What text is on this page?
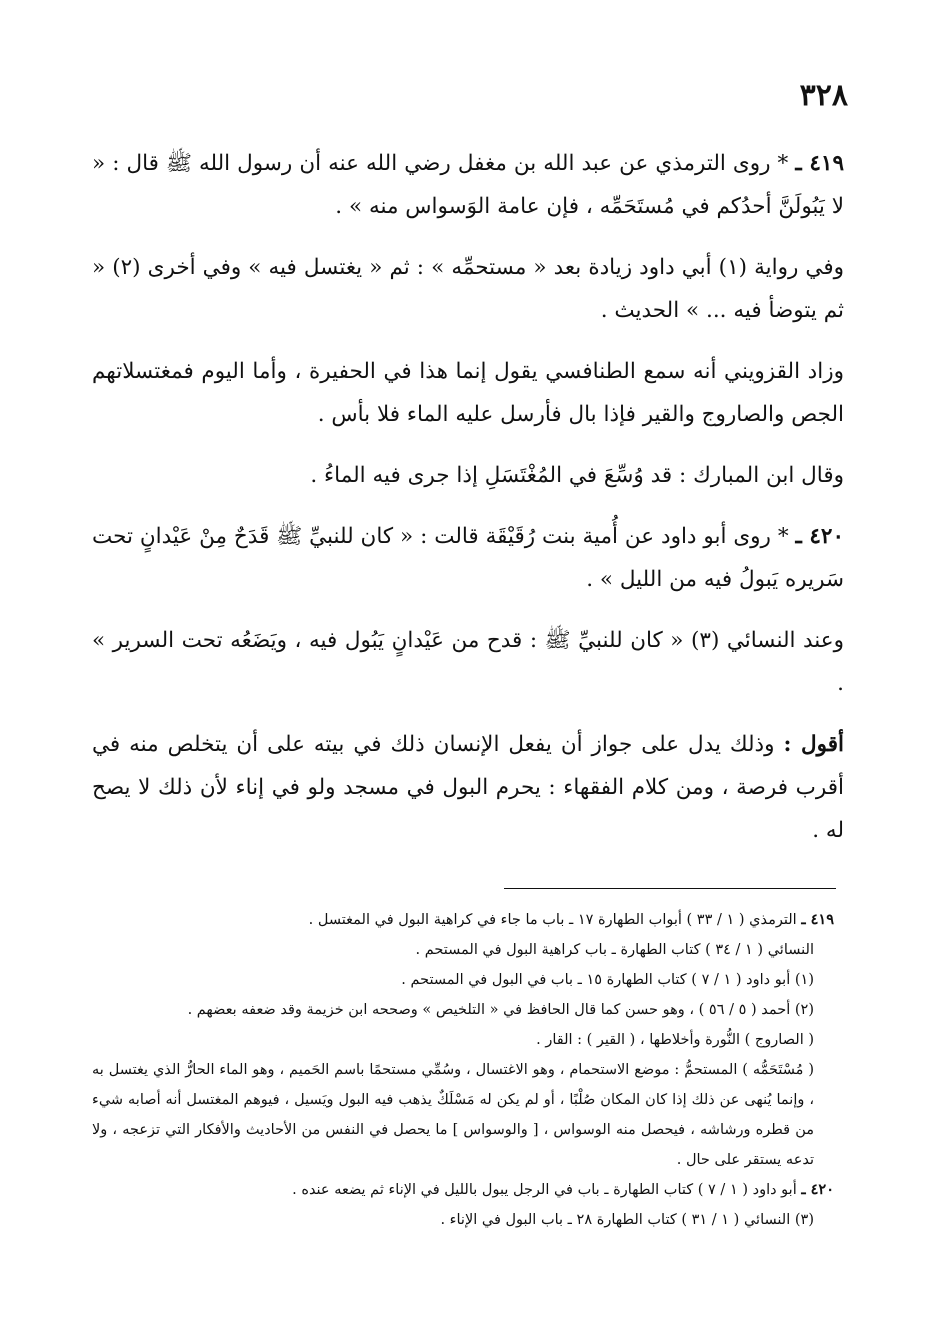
٣٢٨

٤١٩ ـ * روى الترمذي عن عبد الله بن مغفل رضي الله عنه أن رسول الله ﷺ قال : « لا يَبُولَنَّ أحدُكم في مُستَحَمِّه ، فإن عامة الوَسواس منه » .

وفي رواية (١) أبي داود زيادة بعد « مستحمِّه » : ثم « يغتسل فيه » وفي أخرى (٢) « ثم يتوضأ فيه ... » الحديث .

وزاد القزويني أنه سمع الطنافسي يقول إنما هذا في الحفيرة ، وأما اليوم فمغتسلاتهم الجص والصاروج والقير فإذا بال فأرسل عليه الماء فلا بأس .

وقال ابن المبارك : قد وُسِّعَ في المُغْتَسَلِ إذا جرى فيه الماءُ .

٤٢٠ ـ * روى أبو داود عن أُمية بنت رُقَيْقَة قالت : « كان للنبيِّ ﷺ قَدَحٌ مِنْ عَيْدانٍ تحت سَريره يَبولُ فيه من الليل » .

وعند النسائي (٣) « كان للنبيِّ ﷺ : قدح من عَيْدانٍ يَبُول فيه ، ويَضَعُه تحت السرير » .

أقول : وذلك يدل على جواز أن يفعل الإنسان ذلك في بيته على أن يتخلص منه في أقرب فرصة ، ومن كلام الفقهاء : يحرم البول في مسجد ولو في إناء لأن ذلك لا يصح له .

٤١٩ ـ الترمذي ( ١ / ٣٣ ) أبواب الطهارة ١٧ ـ باب ما جاء في كراهية البول في المغتسل .

النسائي ( ١ / ٣٤ ) كتاب الطهارة ـ باب كراهية البول في المستحم .

(١) أبو داود ( ١ / ٧ ) كتاب الطهارة ١٥ ـ باب في البول في المستحم .

(٢) أحمد ( ٥ / ٥٦ ) ، وهو حسن كما قال الحافظ في « التلخيص » وصححه ابن خزيمة وقد ضعفه بعضهم .

( الصاروج ) النُّورة وأخلاطها ، ( القير ) : القار .

( مُسْتَحَمُّه ) المستحمُّ : موضع الاستحمام ، وهو الاغتسال ، وسُمِّي مستحمًا باسم الحَميم ، وهو الماء الحارُّ الذي يغتسل به ، وإنما يُنهى عن ذلك إذا كان المكان صُلْبًا ، أو لم يكن له مَسْلَكٌ يذهب فيه البول ويَسيل ، فيوهم المغتسل أنه أصابه شيء من قطره ورشاشه ، فيحصل منه الوسواس ، [ والوسواس ] ما يحصل في النفس من الأحاديث والأفكار التي تزعجه ، ولا تدعه يستقر على حال .

٤٢٠ ـ أبو داود ( ١ / ٧ ) كتاب الطهارة ـ باب في الرجل يبول بالليل في الإناء ثم يضعه عنده .

(٣) النسائي ( ١ / ٣١ ) كتاب الطهارة ٢٨ ـ باب البول في الإناء .
